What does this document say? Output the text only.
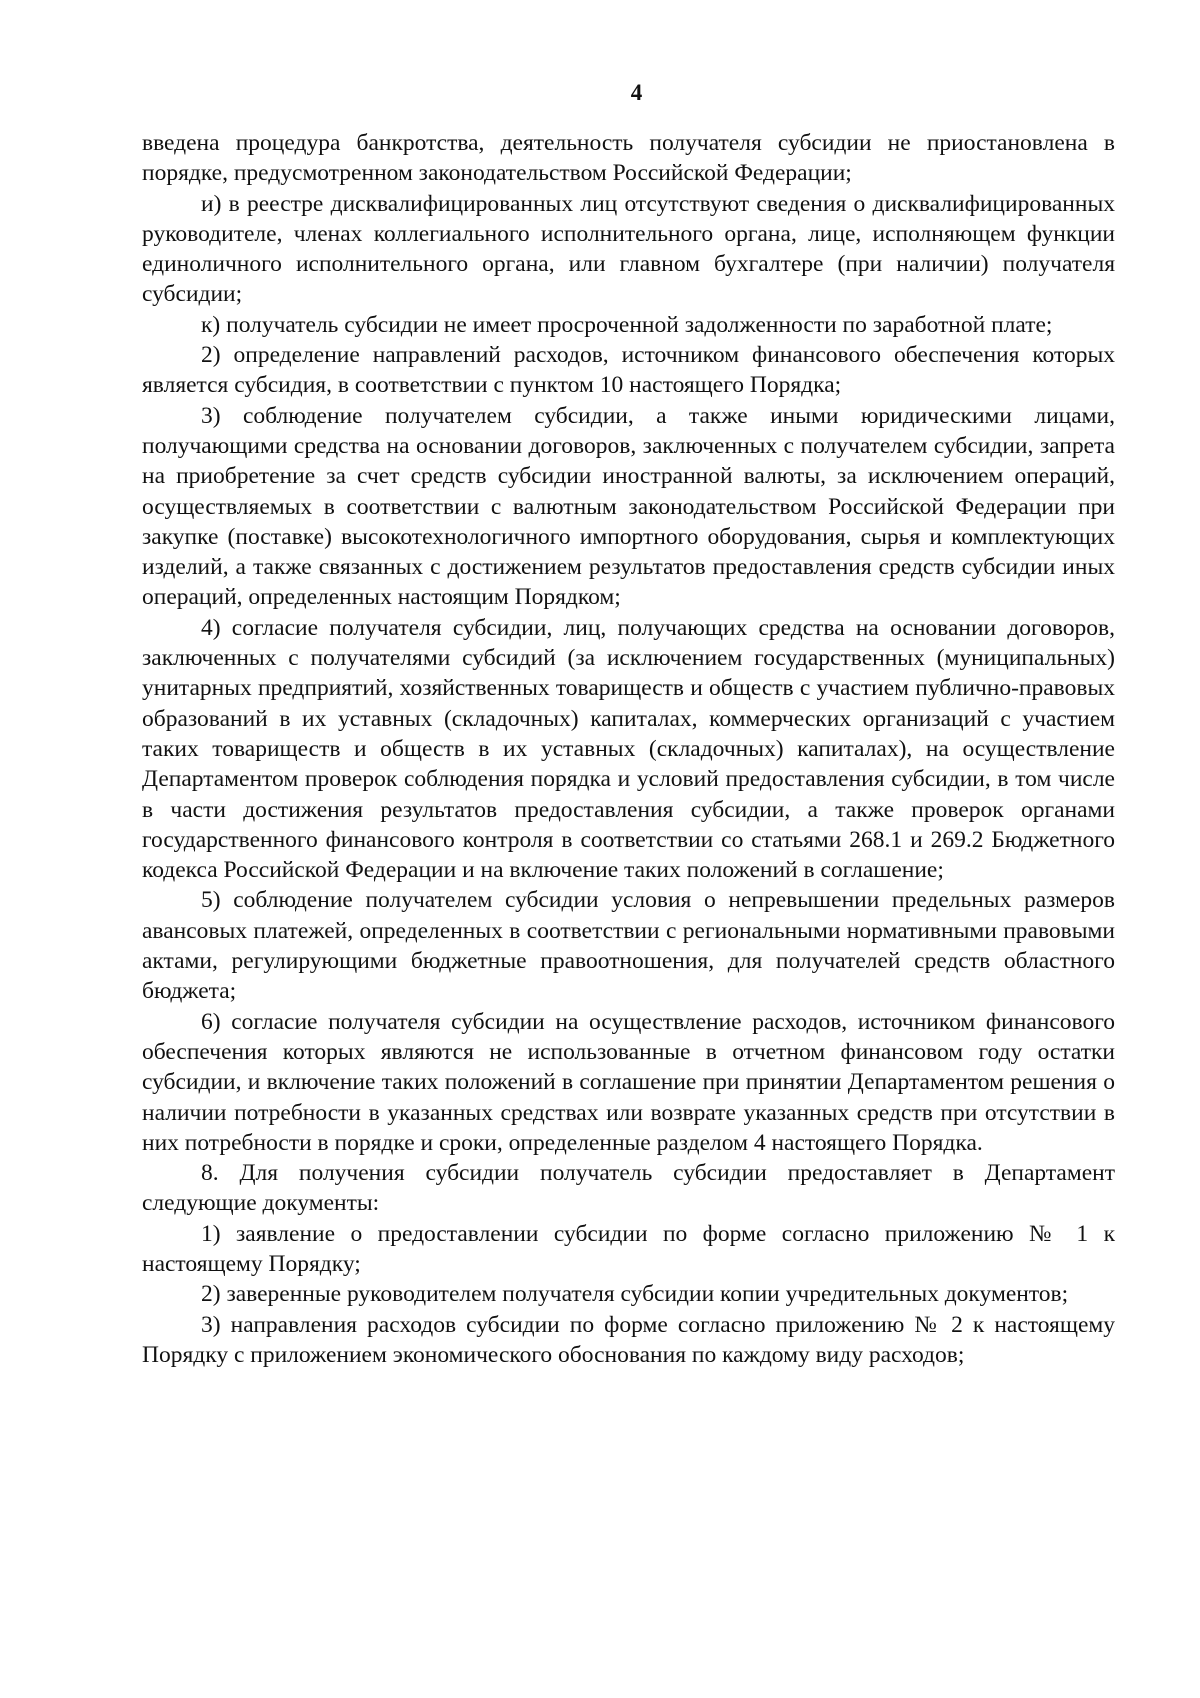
4

введена процедура банкротства, деятельность получателя субсидии не приостановлена в порядке, предусмотренном законодательством Российской Федерации;

и) в реестре дисквалифицированных лиц отсутствуют сведения о дисквалифицированных руководителе, членах коллегиального исполнительного органа, лице, исполняющем функции единоличного исполнительного органа, или главном бухгалтере (при наличии) получателя субсидии;

к) получатель субсидии не имеет просроченной задолженности по заработной плате;

2) определение направлений расходов, источником финансового обеспечения которых является субсидия, в соответствии с пунктом 10 настоящего Порядка;

3) соблюдение получателем субсидии, а также иными юридическими лицами, получающими средства на основании договоров, заключенных с получателем субсидии, запрета на приобретение за счет средств субсидии иностранной валюты, за исключением операций, осуществляемых в соответствии с валютным законодательством Российской Федерации при закупке (поставке) высокотехнологичного импортного оборудования, сырья и комплектующих изделий, а также связанных с достижением результатов предоставления средств субсидии иных операций, определенных настоящим Порядком;

4) согласие получателя субсидии, лиц, получающих средства на основании договоров, заключенных с получателями субсидий (за исключением государственных (муниципальных) унитарных предприятий, хозяйственных товариществ и обществ с участием публично-правовых образований в их уставных (складочных) капиталах, коммерческих организаций с участием таких товариществ и обществ в их уставных (складочных) капиталах), на осуществление Департаментом проверок соблюдения порядка и условий предоставления субсидии, в том числе в части достижения результатов предоставления субсидии, а также проверок органами государственного финансового контроля в соответствии со статьями 268.1 и 269.2 Бюджетного кодекса Российской Федерации и на включение таких положений в соглашение;

5) соблюдение получателем субсидии условия о непревышении предельных размеров авансовых платежей, определенных в соответствии с региональными нормативными правовыми актами, регулирующими бюджетные правоотношения, для получателей средств областного бюджета;

6) согласие получателя субсидии на осуществление расходов, источником финансового обеспечения которых являются не использованные в отчетном финансовом году остатки субсидии, и включение таких положений в соглашение при принятии Департаментом решения о наличии потребности в указанных средствах или возврате указанных средств при отсутствии в них потребности в порядке и сроки, определенные разделом 4 настоящего Порядка.

8. Для получения субсидии получатель субсидии предоставляет в Департамент следующие документы:

1) заявление о предоставлении субсидии по форме согласно приложению № 1 к настоящему Порядку;

2) заверенные руководителем получателя субсидии копии учредительных документов;

3) направления расходов субсидии по форме согласно приложению № 2 к настоящему Порядку с приложением экономического обоснования по каждому виду расходов;
